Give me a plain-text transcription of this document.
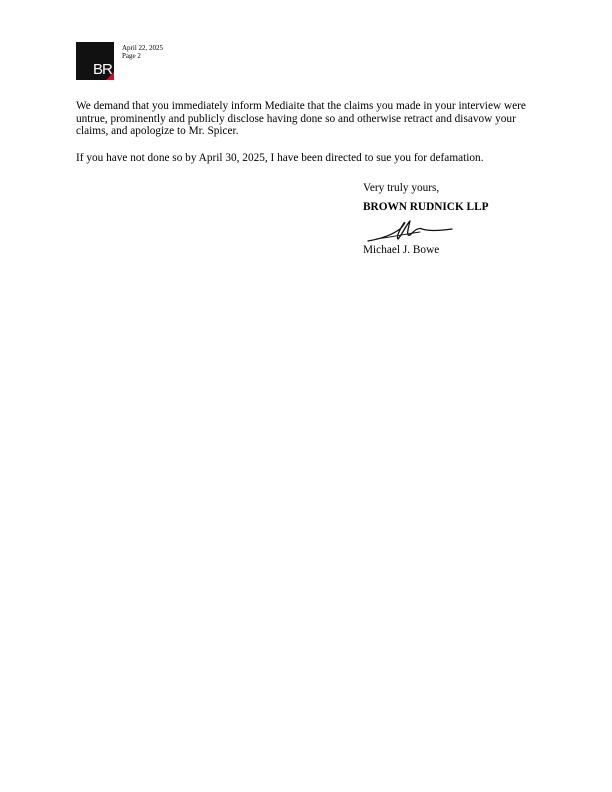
BR
April 22, 2025
Page 2

We demand that you immediately inform Mediaite that the claims you made in your interview were untrue, prominently and publicly disclose having done so and otherwise retract and disavow your claims, and apologize to Mr. Spicer.

If you have not done so by April 30, 2025, I have been directed to sue you for defamation.

Very truly yours,
BROWN RUDNICK LLP
Michael J. Bowe
